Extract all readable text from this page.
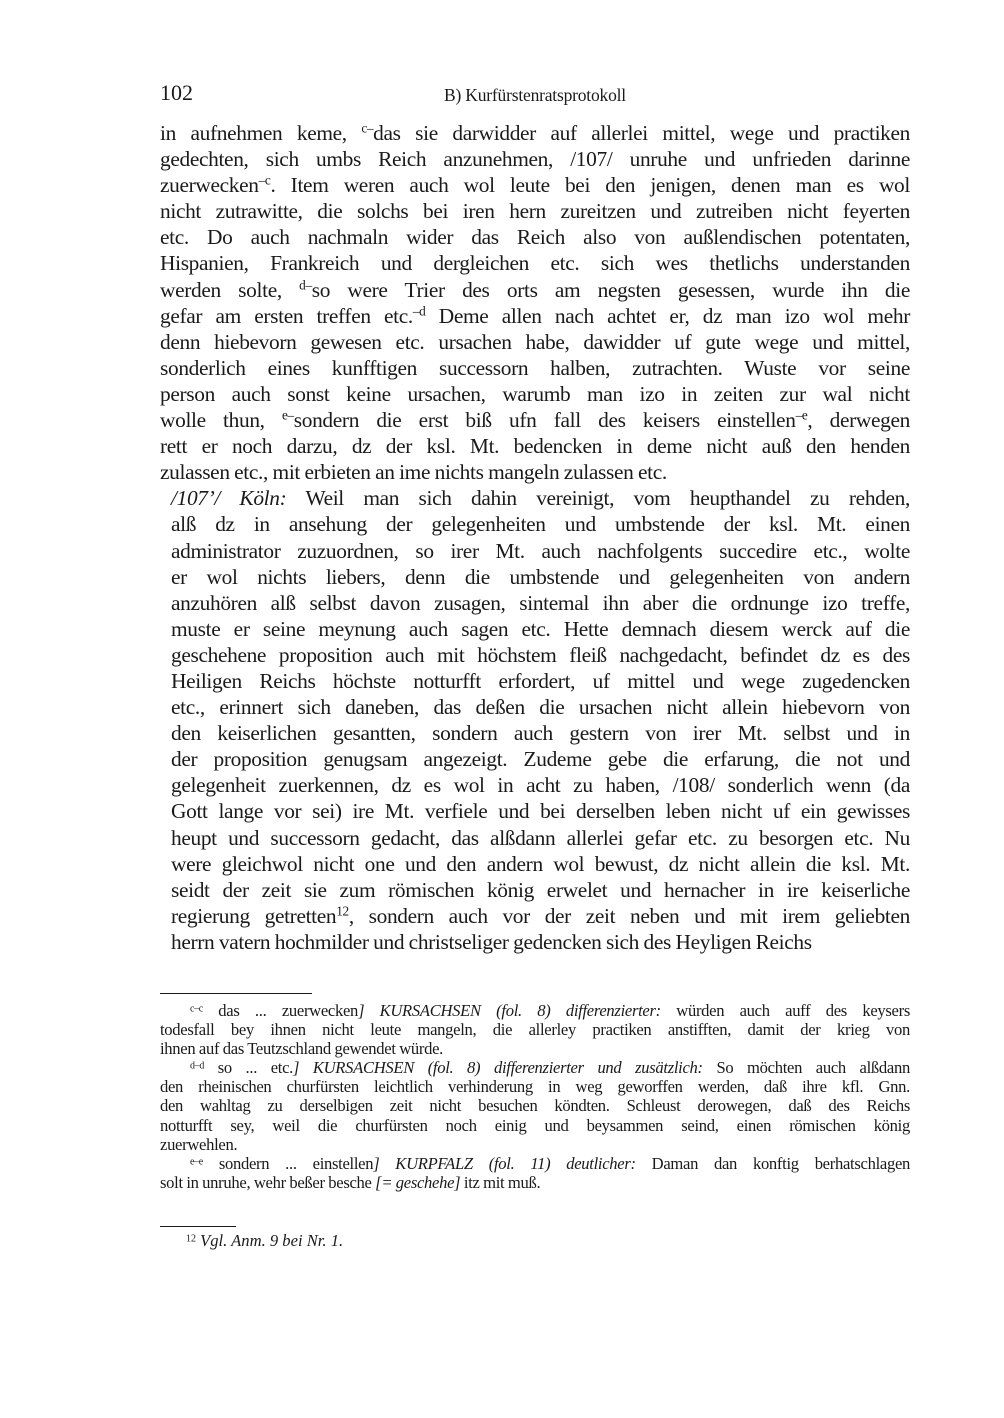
102	B) Kurfürstenratsprotokoll

in aufnehmen keme, $^{c-}$das sie darwidder auf allerlei mittel, wege und practiken
gedechten, sich umbs Reich anzunehmen, /107/ unruhe und unfrieden darinne
zuerwecken$^{-c}$. Item weren auch wol leute bei den jenigen, denen man es wol
nicht zutrawitte, die solchs bei iren hern zureitzen und zutreiben nicht feyerten
etc. Do auch nachmaln wider das Reich also von außlendischen potentaten,
Hispanien, Frankreich und dergleichen etc. sich wes thetlichs understanden
werden solte, $^{d-}$so were Trier des orts am negsten gesessen, wurde ihn die
gefar am ersten treffen etc.$^{-d}$ Deme allen nach achtet er, dz man izo wol mehr
denn hiebevorn gewesen etc. ursachen habe, dawidder uf gute wege und mittel,
sonderlich eines kunfftigen successorn halben, zutrachten. Wuste vor seine
person auch sonst keine ursachen, warumb man izo in zeiten zur wal nicht
wolle thun, $^{e-}$sondern die erst biß ufn fall des keisers einstellen$^{-e}$, derwegen
rett er noch darzu, dz der ksl. Mt. bedencken in deme nicht auß den henden
zulassen etc., mit erbieten an ime nichts mangeln zulassen etc.

/107’/ Köln: Weil man sich dahin vereinigt, vom heupthandel zu rehden,
alß dz in ansehung der gelegenheiten und umbstende der ksl. Mt. einen
administrator zuzuordnen, so irer Mt. auch nachfolgents succedire etc., wolte
er wol nichts liebers, denn die umbstende und gelegenheiten von andern
anzuhören alß selbst davon zusagen, sintemal ihn aber die ordnunge izo treffe,
muste er seine meynung auch sagen etc. Hette demnach diesem werck auf die
geschehene proposition auch mit höchstem fleiß nachgedacht, befindet dz es des
Heiligen Reichs höchste notturfft erfordert, uf mittel und wege zugedencken
etc., erinnert sich daneben, das deßen die ursachen nicht allein hiebevorn von
den keiserlichen gesantten, sondern auch gestern von irer Mt. selbst und in
der proposition genugsam angezeigt. Zudeme gebe die erfarung, die not und
gelegenheit zuerkennen, dz es wol in acht zu haben, /108/ sonderlich wenn (da
Gott lange vor sei) ire Mt. verfiele und bei derselben leben nicht uf ein gewisses
heupt und successorn gedacht, das alßdann allerlei gefar etc. zu besorgen etc. Nu
were gleichwol nicht one und den andern wol bewust, dz nicht allein die ksl. Mt.
seidt der zeit sie zum römischen könig erwelet und hernacher in ire keiserliche
regierung getretten$^{12}$, sondern auch vor der zeit neben und mit irem geliebten
herrn vatern hochmilder und christseliger gedencken sich des Heyligen Reichs

$^{c-c}$ das ... zuerwecken] KURSACHSEN (fol. 8) differenzierter: würden auch auff des keysers
todesfall bey ihnen nicht leute mangeln, die allerley practiken anstifften, damit der krieg von
ihnen auf das Teutzschland gewendet würde.
$^{d-d}$ so ... etc.] KURSACHSEN (fol. 8) differenzierter und zusätzlich: So möchten auch alßdann
den rheinischen churfürsten leichtlich verhinderung in weg geworffen werden, daß ihre kfl. Gnn.
den wahltag zu derselbigen zeit nicht besuchen köndten. Schleust derowegen, daß des Reichs
notturfft sey, weil die churfürsten noch einig und beysammen seind, einen römischen könig
zuerwehlen.
$^{e-e}$ sondern ... einstellen] KURPFALZ (fol. 11) deutlicher: Daman dan konftig berhatschlagen
solt in unruhe, wehr beßer besche [= geschehe] itz mit muß.
$^{12}$ Vgl. Anm. 9 bei Nr. 1.
